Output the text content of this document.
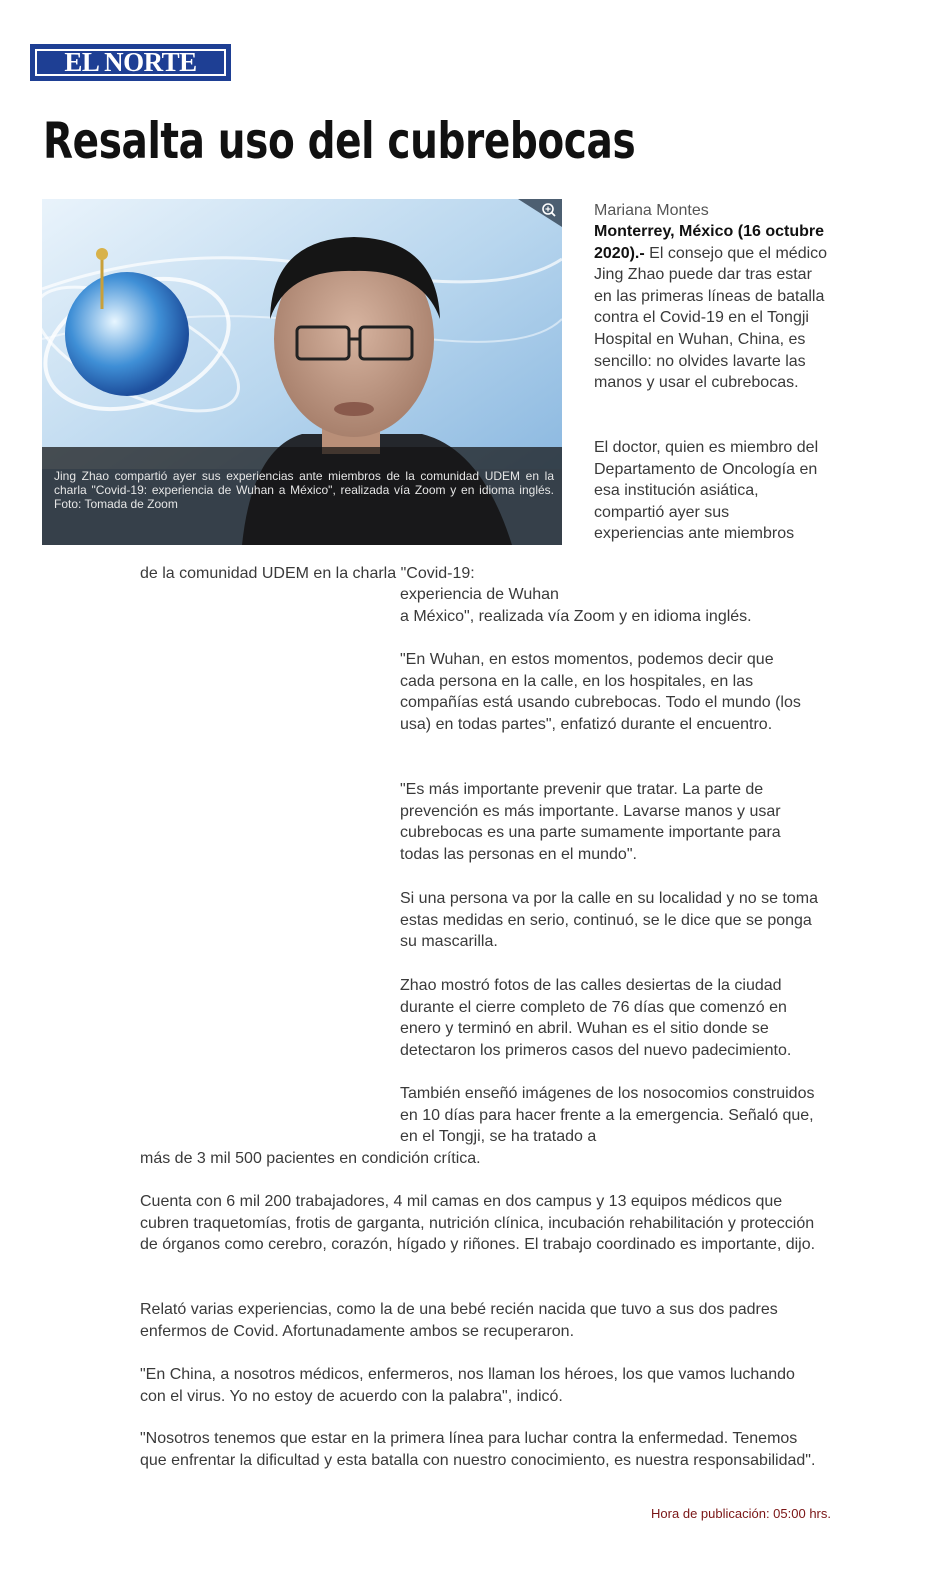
EL NORTE
Resalta uso del cubrebocas

Jing Zhao compartió ayer sus experiencias ante miembros de la comunidad UDEM en la charla "Covid-19: experiencia de Wuhan a México", realizada vía Zoom y en idioma inglés. Foto: Tomada de Zoom

Mariana Montes

Monterrey, México (16 octubre 2020).- El consejo que el médico Jing Zhao puede dar tras estar en las primeras líneas de batalla contra el Covid-19 en el Tongji Hospital en Wuhan, China, es sencillo: no olvides lavarte las manos y usar el cubrebocas.

El doctor, quien es miembro del Departamento de Oncología en esa institución asiática, compartió ayer sus experiencias ante miembros

de la comunidad UDEM en la charla "Covid-19:

experiencia de Wuhan

a México", realizada vía Zoom y en idioma inglés.

"En Wuhan, en estos momentos, podemos decir que cada persona en la calle, en los hospitales, en las compañías está usando cubrebocas. Todo el mundo (los usa) en todas partes", enfatizó durante el encuentro.

"Es más importante prevenir que tratar. La parte de prevención es más importante. Lavarse manos y usar cubrebocas es una parte sumamente importante para todas las personas en el mundo".

Si una persona va por la calle en su localidad y no se toma estas medidas en serio, continuó, se le dice que se ponga su mascarilla.

Zhao mostró fotos de las calles desiertas de la ciudad durante el cierre completo de 76 días que comenzó en enero y terminó en abril. Wuhan es el sitio donde se detectaron los primeros casos del nuevo padecimiento.

También enseñó imágenes de los nosocomios construidos en 10 días para hacer frente a la emergencia. Señaló que, en el Tongji, se ha tratado a

más de 3 mil 500 pacientes en condición crítica.

Cuenta con 6 mil 200 trabajadores, 4 mil camas en dos campus y 13 equipos médicos que cubren traquetomías, frotis de garganta, nutrición clínica, incubación rehabilitación y protección de órganos como cerebro, corazón, hígado y riñones. El trabajo coordinado es importante, dijo.

Relató varias experiencias, como la de una bebé recién nacida que tuvo a sus dos padres enfermos de Covid. Afortunadamente ambos se recuperaron.

"En China, a nosotros médicos, enfermeros, nos llaman los héroes, los que vamos luchando con el virus. Yo no estoy de acuerdo con la palabra", indicó.

"Nosotros tenemos que estar en la primera línea para luchar contra la enfermedad. Tenemos que enfrentar la dificultad y esta batalla con nuestro conocimiento, es nuestra responsabilidad".

Hora de publicación: 05:00 hrs.
